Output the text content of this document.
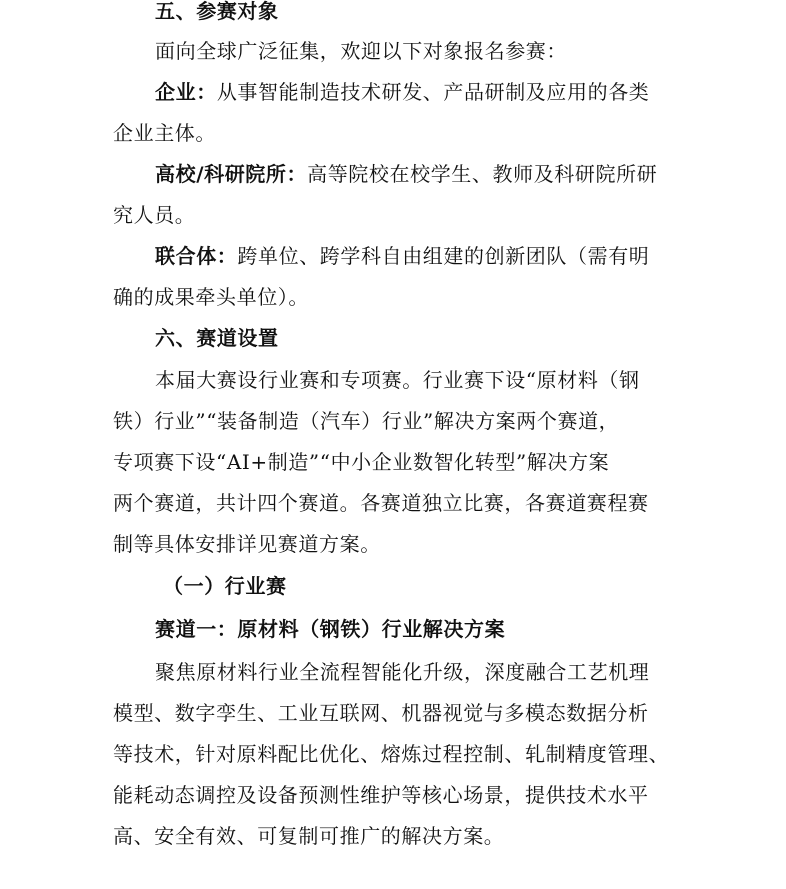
五、参赛对象
面向全球广泛征集，欢迎以下对象报名参赛：
企业：从事智能制造技术研发、产品研制及应用的各类
企业主体。
高校/科研院所：高等院校在校学生、教师及科研院所研
究人员。
联合体：跨单位、跨学科自由组建的创新团队（需有明
确的成果牵头单位）。
六、赛道设置
本届大赛设行业赛和专项赛。行业赛下设“原材料（钢
铁）行业”“装备制造（汽车）行业”解决方案两个赛道，
专项赛下设“AI+制造”“中小企业数智化转型”解决方案
两个赛道，共计四个赛道。各赛道独立比赛，各赛道赛程赛
制等具体安排详见赛道方案。
（一）行业赛
赛道一：原材料（钢铁）行业解决方案
聚焦原材料行业全流程智能化升级，深度融合工艺机理
模型、数字孪生、工业互联网、机器视觉与多模态数据分析
等技术，针对原料配比优化、熔炼过程控制、轧制精度管理、
能耗动态调控及设备预测性维护等核心场景，提供技术水平
高、安全有效、可复制可推广的解决方案。
